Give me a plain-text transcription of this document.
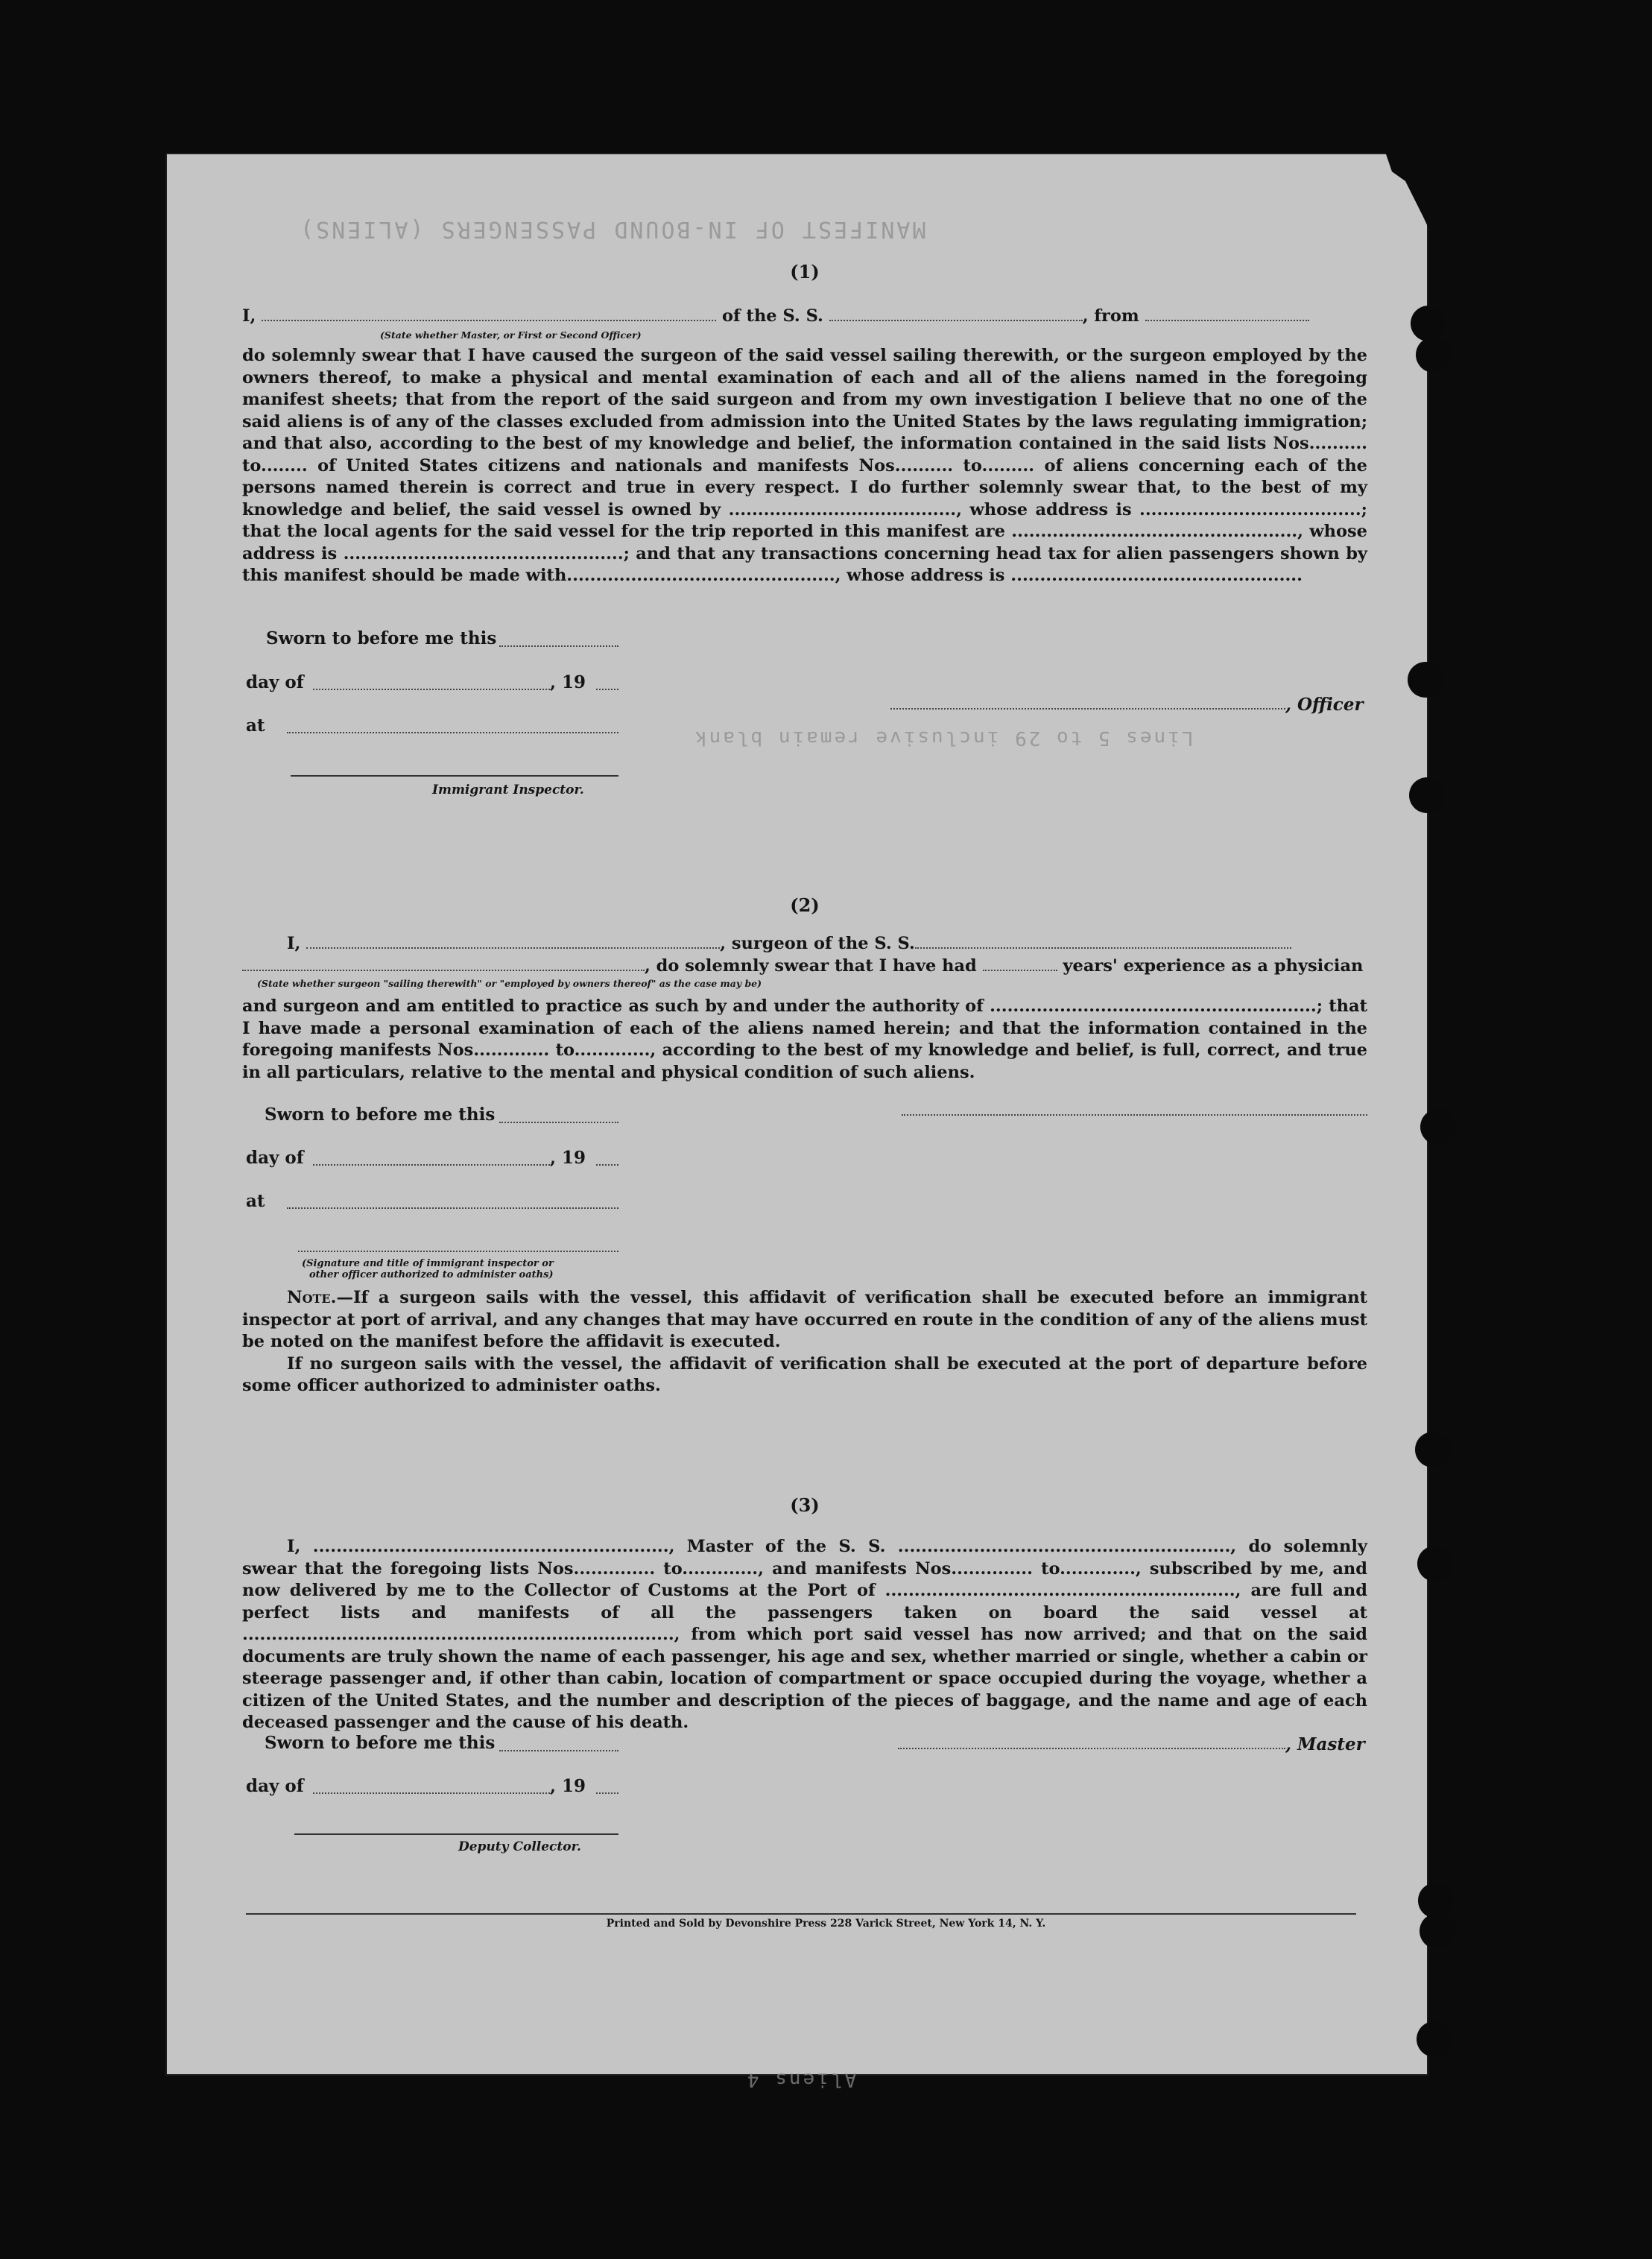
MANIFEST OF IN-BOUND PASSENGERS (ALIENS)
Lines 5 to 29 inclusive remain blank
Aliens 4
(1)
I,	of the S. S.	, from
(State whether Master, or First or Second Officer)

do solemnly swear that I have caused the surgeon of the said vessel sailing therewith, or the surgeon employed by the owners thereof, to make a physical and mental examination of each and all of the aliens named in the foregoing manifest sheets; that from the report of the said surgeon and from my own investigation I believe that no one of the said aliens is of any of the classes excluded from admission into the United States by the laws regulating immigration; and that also, according to the best of my knowledge and belief, the information contained in the said lists Nos.......... to........ of United States citizens and nationals and manifests Nos.......... to......... of aliens concerning each of the persons named therein is correct and true in every respect. I do further solemnly swear that, to the best of my knowledge and belief, the said vessel is owned by ......................................., whose address is ......................................; that the local agents for the said vessel for the trip reported in this manifest are ................................................., whose address is ................................................; and that any transactions concerning head tax for alien passengers shown by this manifest should be made with.............................................., whose address is ..................................................

Sworn to before me this
day of	, 19
at
, Officer
Immigrant Inspector.
(2)
I,	, surgeon of the S. S.
, do solemnly swear that I have had	years' experience as a physician
(State whether surgeon "sailing therewith" or "employed by owners thereof" as the case may be)

and surgeon and am entitled to practice as such by and under the authority of ........................................................; that I have made a personal examination of each of the aliens named herein; and that the information contained in the foregoing manifests Nos............. to............., according to the best of my knowledge and belief, is full, correct, and true in all particulars, relative to the mental and physical condition of such aliens.

Sworn to before me this
day of	, 19
at
(Signature and title of immigrant inspector or
other officer authorized to administer oaths)

Note.—If a surgeon sails with the vessel, this affidavit of verification shall be executed before an immigrant inspector at port of arrival, and any changes that may have occurred en route in the condition of any of the aliens must be noted on the manifest before the affidavit is executed.

If no surgeon sails with the vessel, the affidavit of verification shall be executed at the port of departure before some officer authorized to administer oaths.

(3)

I, ............................................................., Master of the S. S. ........................................................., do solemnly swear that the foregoing lists Nos.............. to............., and manifests Nos.............. to............., subscribed by me, and now delivered by me to the Collector of Customs at the Port of ............................................................, are full and perfect lists and manifests of all the passengers taken on board the said vessel at .........................................................................., from which port said vessel has now arrived; and that on the said documents are truly shown the name of each passenger, his age and sex, whether married or single, whether a cabin or steerage passenger and, if other than cabin, location of compartment or space occupied during the voyage, whether a citizen of the United States, and the number and description of the pieces of baggage, and the name and age of each deceased passenger and the cause of his death.

Sworn to before me this	, Master
day of	, 19
Deputy Collector.
Printed and Sold by Devonshire Press 228 Varick Street, New York 14, N. Y.
